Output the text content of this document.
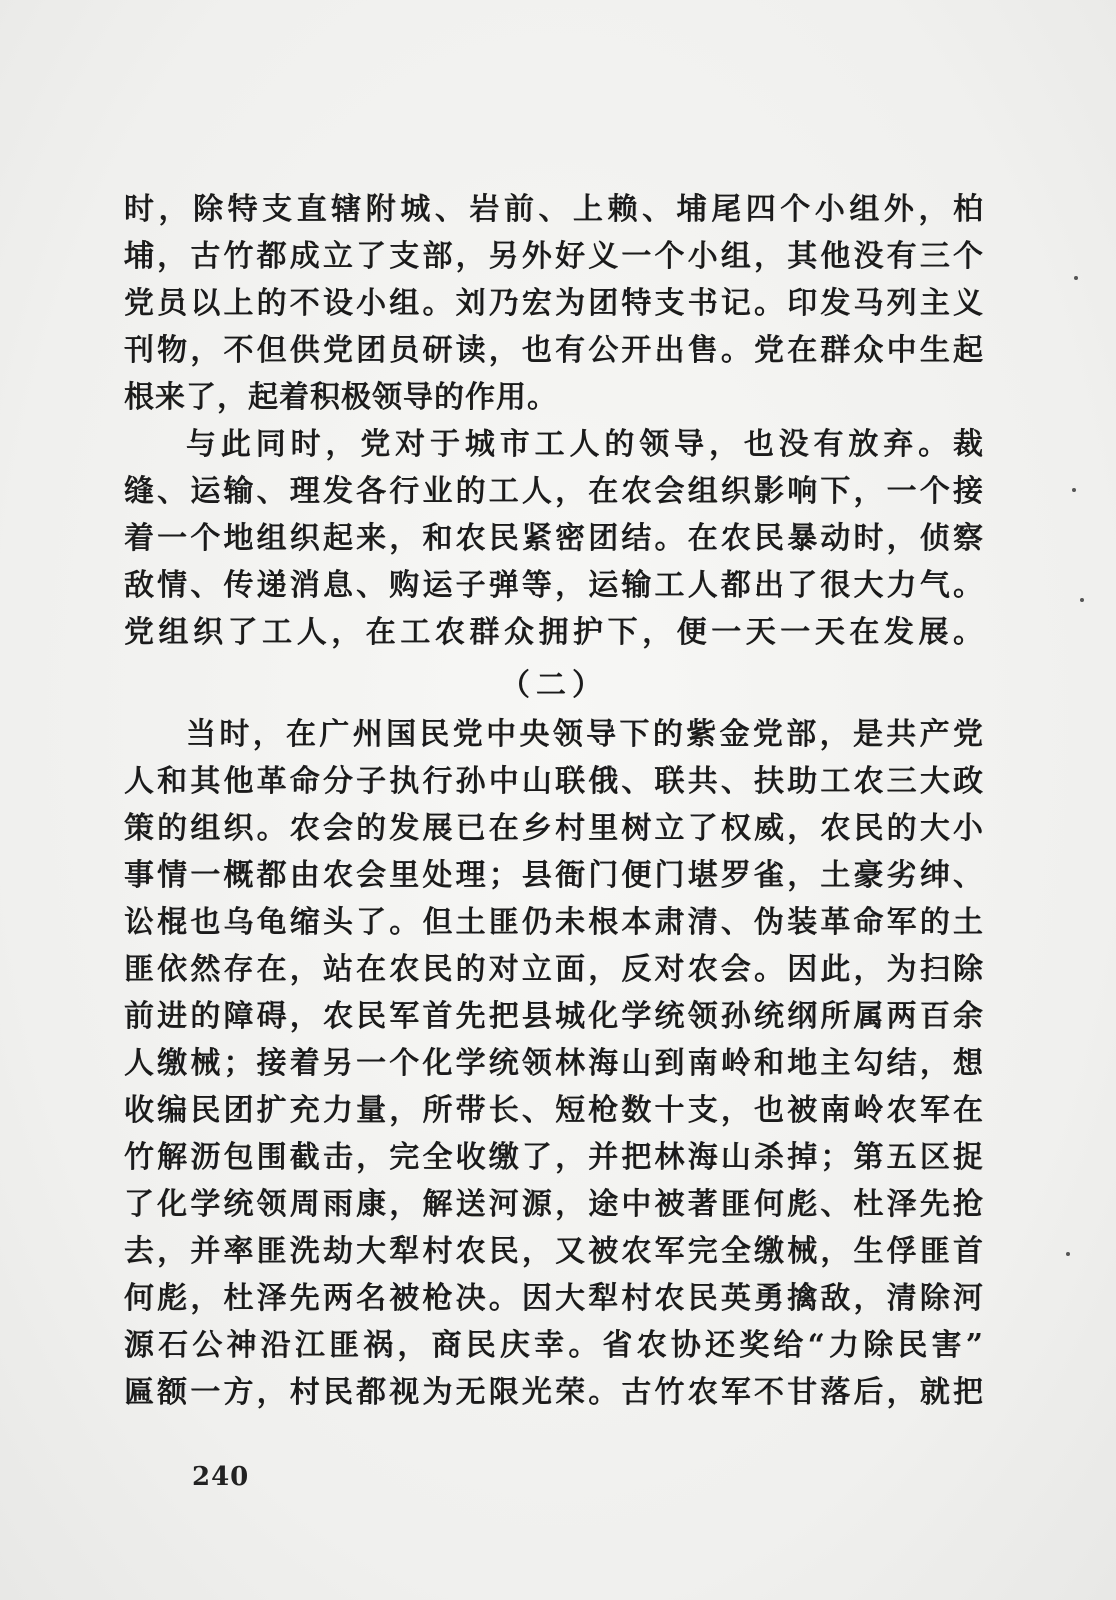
时，除特支直辖附城、岩前、上赖、埔尾四个小组外，柏

埔，古竹都成立了支部，另外好义一个小组，其他没有三个

党员以上的不设小组。刘乃宏为团特支书记。印发马列主义

刊物，不但供党团员研读，也有公开出售。党在群众中生起

根来了，起着积极领导的作用。

与此同时，党对于城市工人的领导，也没有放弃。裁

缝、运输、理发各行业的工人，在农会组织影响下，一个接

着一个地组织起来，和农民紧密团结。在农民暴动时，侦察

敌情、传递消息、购运子弹等，运输工人都出了很大力气。

党组织了工人，在工农群众拥护下，便一天一天在发展。

（二）

当时，在广州国民党中央领导下的紫金党部，是共产党

人和其他革命分子执行孙中山联俄、联共、扶助工农三大政

策的组织。农会的发展已在乡村里树立了权威，农民的大小

事情一概都由农会里处理；县衙门便门堪罗雀，土豪劣绅、

讼棍也乌龟缩头了。但土匪仍未根本肃清、伪装革命军的土

匪依然存在，站在农民的对立面，反对农会。因此，为扫除

前进的障碍，农民军首先把县城化学统领孙统纲所属两百余

人缴械；接着另一个化学统领林海山到南岭和地主勾结，想

收编民团扩充力量，所带长、短枪数十支，也被南岭农军在

竹解沥包围截击，完全收缴了，并把林海山杀掉；第五区捉

了化学统领周雨康，解送河源，途中被著匪何彪、杜泽先抢

去，并率匪洗劫大犁村农民，又被农军完全缴械，生俘匪首

何彪，杜泽先两名被枪决。因大犁村农民英勇擒敌，清除河

源石公神沿江匪祸，商民庆幸。省农协还奖给“力除民害”

匾额一方，村民都视为无限光荣。古竹农军不甘落后，就把

240
